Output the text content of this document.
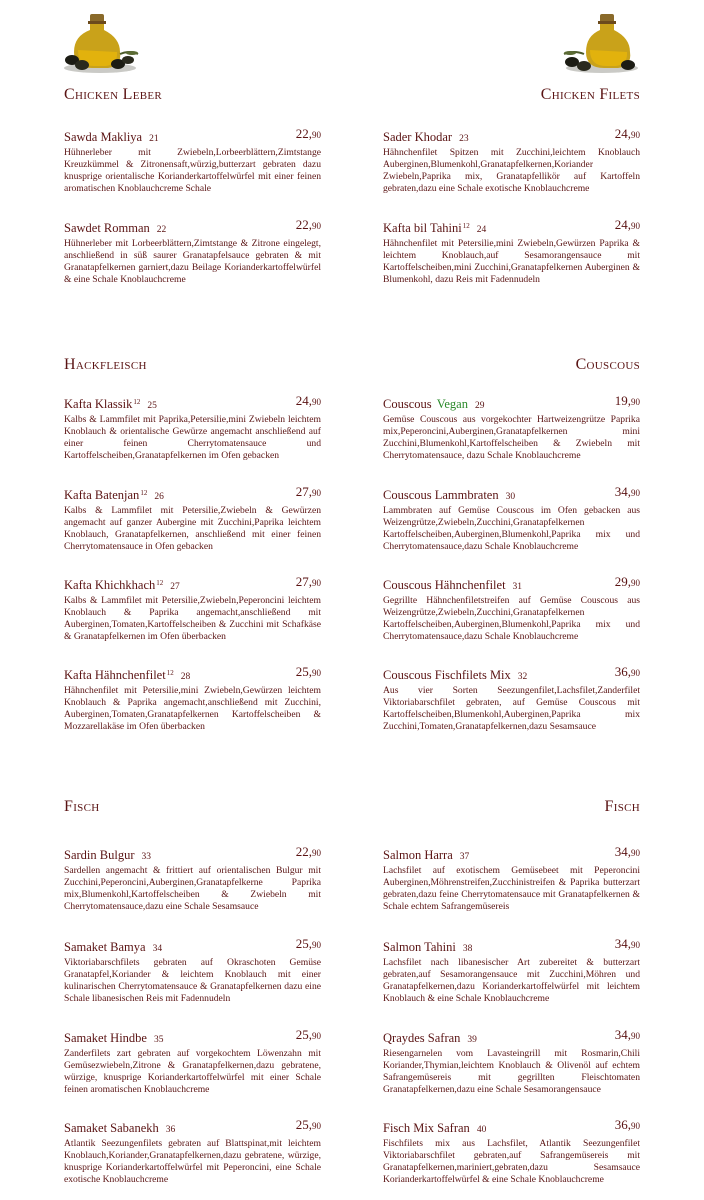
Chicken Leber	Chicken Filets
Hackfleisch	Couscous
Fisch	Fisch
Sawda Makliya 21	22,90
Hühnerleber mit Zwiebeln,Lorbeerblättern,Zimtstange Kreuzkümmel & Zitronensaft,würzig,butterzart gebraten dazu knusprige orientalische Korianderkartoffelwürfel mit einer feinen aromatischen Knoblauchcreme Schale
Sawdet Romman 22	22,90
Hühnerleber mit Lorbeerblättern,Zimtstange & Zitrone eingelegt, anschließend in süß saurer Granatapfelsauce gebraten & mit Granatapfelkernen garniert,dazu Beilage Korianderkartoffelwürfel & eine Schale Knoblauchcreme
Kafta Klassik$^{12}$ 25	24,90
Kalbs & Lammfilet mit Paprika,Petersilie,mini Zwiebeln leichtem Knoblauch & orientalische Gewürze angemacht anschließend auf einer feinen Cherrytomatensauce und Kartoffelscheiben,Granatapfelkernen im Ofen gebacken
Kafta Batenjan$^{12}$ 26	27,90
Kalbs & Lammfilet mit Petersilie,Zwiebeln & Gewürzen angemacht auf ganzer Aubergine mit Zucchini,Paprika leichtem Knoblauch, Granatapfelkernen, anschließend mit einer feinen Cherrytomatensauce in Ofen gebacken
Kafta Khichkhach$^{12}$ 27	27,90
Kalbs & Lammfilet mit Petersilie,Zwiebeln,Peperoncini leichtem Knoblauch & Paprika angemacht,anschließend mit Auberginen,Tomaten,Kartoffelscheiben & Zucchini mit Schafkäse & Granatapfelkernen im Ofen überbacken
Kafta Hähnchenfilet$^{12}$ 28	25,90
Hähnchenfilet mit Petersilie,mini Zwiebeln,Gewürzen leichtem Knoblauch & Paprika angemacht,anschließend mit Zucchini, Auberginen,Tomaten,Granatapfelkernen Kartoffelscheiben & Mozzarellakäse im Ofen überbacken
Sardin Bulgur 33	22,90
Sardellen angemacht & frittiert auf orientalischen Bulgur mit Zucchini,Peperoncini,Auberginen,Granatapfelkerne Paprika mix,Blumenkohl,Kartoffelscheiben & Zwiebeln mit Cherrytomatensauce,dazu eine Schale Sesamsauce
Samaket Bamya 34	25,90
Viktoriabarschfilets gebraten auf Okraschoten Gemüse Granatapfel,Koriander & leichtem Knoblauch mit einer kulinarischen Cherrytomatensauce & Granatapfelkernen dazu eine Schale libanesischen Reis mit Fadennudeln
Samaket Hindbe 35	25,90
Zanderfilets zart gebraten auf vorgekochtem Löwenzahn mit Gemüsezwiebeln,Zitrone & Granatapfelkernen,dazu gebratene, würzige, knusprige Korianderkartoffelwürfel mit einer Schale feinen aromatischen Knoblauchcreme
Samaket Sabanekh 36	25,90
Atlantik Seezungenfilets gebraten auf Blattspinat,mit leichtem Knoblauch,Koriander,Granatapfelkernen,dazu gebratene, würzige, knusprige Korianderkartoffelwürfel mit Peperoncini, eine Schale exotische Knoblauchcreme
Sader Khodar 23	24,90
Hähnchenfilet Spitzen mit Zucchini,leichtem Knoblauch Auberginen,Blumenkohl,Granatapfelkernen,Koriander Zwiebeln,Paprika mix, Granatapfellikör auf Kartoffeln gebraten,dazu eine Schale exotische Knoblauchcreme
Kafta bil Tahini$^{12}$ 24	24,90
Hähnchenfilet mit Petersilie,mini Zwiebeln,Gewürzen Paprika & leichtem Knoblauch,auf Sesamorangensauce mit Kartoffelscheiben,mini Zucchini,Granatapfelkernen Auberginen & Blumenkohl, dazu Reis mit Fadennudeln
Couscous Vegan 29	19,90
Gemüse Couscous aus vorgekochter Hartweizengrütze Paprika mix,Peperoncini,Auberginen,Granatapfelkernen mini Zucchini,Blumenkohl,Kartoffelscheiben & Zwiebeln mit Cherrytomatensauce, dazu Schale Knoblauchcreme
Couscous Lammbraten 30	34,90
Lammbraten auf Gemüse Couscous im Ofen gebacken aus Weizengrütze,Zwiebeln,Zucchini,Granatapfelkernen Kartoffelscheiben,Auberginen,Blumenkohl,Paprika mix und Cherrytomatensauce,dazu Schale Knoblauchcreme
Couscous Hähnchenfilet 31	29,90
Gegrillte Hähnchenfiletstreifen auf Gemüse Couscous aus Weizengrütze,Zwiebeln,Zucchini,Granatapfelkernen Kartoffelscheiben,Auberginen,Blumenkohl,Paprika mix und Cherrytomatensauce,dazu Schale Knoblauchcreme
Couscous Fischfilets Mix 32	36,90
Aus vier Sorten Seezungenfilet,Lachsfilet,Zanderfilet Viktoriabarschfilet gebraten, auf Gemüse Couscous mit Kartoffelscheiben,Blumenkohl,Auberginen,Paprika mix Zucchini,Tomaten,Granatapfelkernen,dazu Sesamsauce
Salmon Harra 37	34,90
Lachsfilet auf exotischem Gemüsebeet mit Peperoncini Auberginen,Möhrenstreifen,Zucchinistreifen & Paprika butterzart gebraten,dazu feine Cherrytomatensauce mit Granatapfelkernen & Schale echtem Safrangemüsereis
Salmon Tahini 38	34,90
Lachsfilet nach libanesischer Art zubereitet & butterzart gebraten,auf Sesamorangensauce mit Zucchini,Möhren und Granatapfelkernen,dazu Korianderkartoffelwürfel mit leichtem Knoblauch & eine Schale Knoblauchcreme
Qraydes Safran 39	34,90
Riesengarnelen vom Lavasteingrill mit Rosmarin,Chili Koriander,Thymian,leichtem Knoblauch & Olivenöl auf echtem Safrangemüsereis mit gegrillten Fleischtomaten Granatapfelkernen,dazu eine Schale Sesamorangensauce
Fisch Mix Safran 40	36,90
Fischfilets mix aus Lachsfilet, Atlantik Seezungenfilet Viktoriabarschfilet gebraten,auf Safrangemüsereis mit Granatapfelkernen,mariniert,gebraten,dazu Sesamsauce Korianderkartoffelwürfel & eine Schale Knoblauchcreme
